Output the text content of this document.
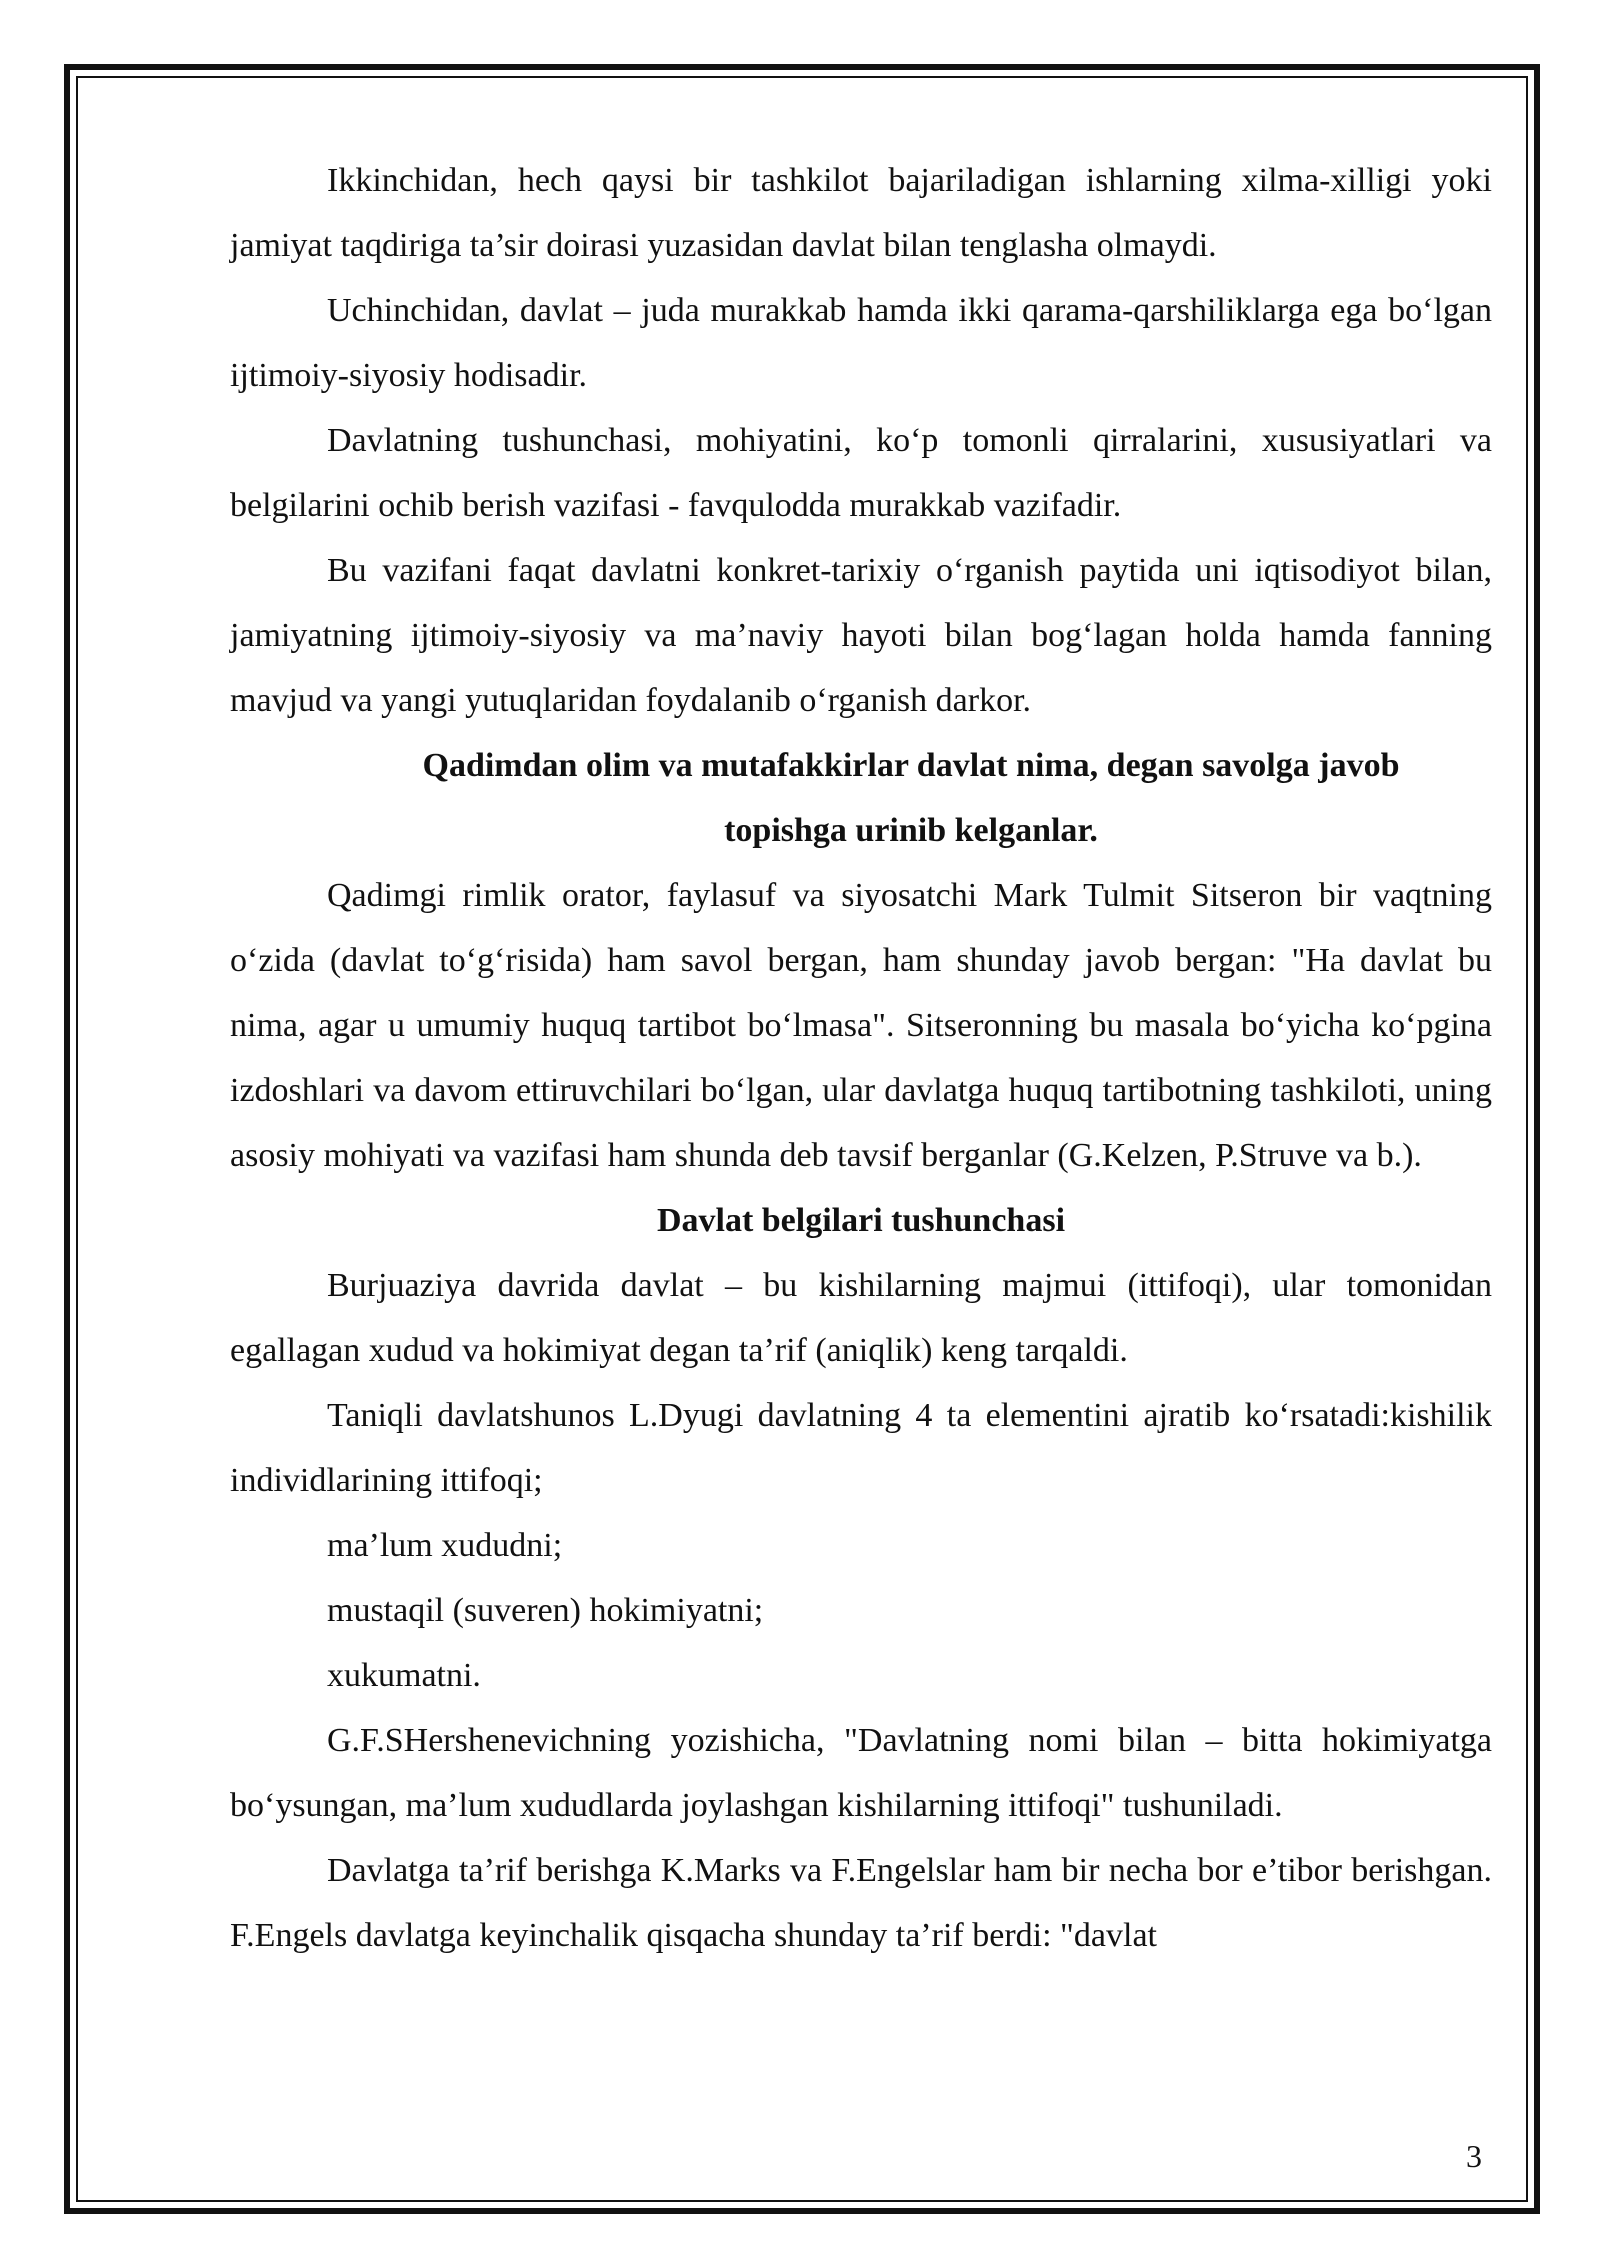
Ikkinchidan, hech qaysi bir tashkilot bajariladigan ishlarning xilma-xilligi yoki jamiyat taqdiriga ta’sir doirasi yuzasidan davlat bilan tenglasha olmaydi.

Uchinchidan, davlat – juda murakkab hamda ikki qarama-qarshiliklarga ega bo‘lgan ijtimoiy-siyosiy hodisadir.

Davlatning tushunchasi, mohiyatini, ko‘p tomonli qirralarini, xususiyatlari va belgilarini ochib berish vazifasi - favqulodda murakkab vazifadir.

Bu vazifani faqat davlatni konkret-tarixiy o‘rganish paytida uni iqtisodiyot bilan, jamiyatning ijtimoiy-siyosiy va ma’naviy hayoti bilan bog‘lagan holda hamda fanning mavjud va yangi yutuqlaridan foydalanib o‘rganish darkor.

Qadimdan olim va mutafakkirlar davlat nima, degan savolga javob topishga urinib kelganlar.

Qadimgi rimlik orator, faylasuf va siyosatchi Mark Tulmit Sitseron bir vaqtning o‘zida (davlat to‘g‘risida) ham savol bergan, ham shunday javob bergan: "Ha davlat bu nima, agar u umumiy huquq tartibot bo‘lmasa". Sitseronning bu masala bo‘yicha ko‘pgina izdoshlari va davom ettiruvchilari bo‘lgan, ular davlatga huquq tartibotning tashkiloti, uning asosiy mohiyati va vazifasi ham shunda deb tavsif berganlar (G.Kelzen, P.Struve va b.).

Davlat belgilari tushunchasi

Burjuaziya davrida davlat – bu kishilarning majmui (ittifoqi), ular tomonidan egallagan xudud va hokimiyat degan ta’rif (aniqlik) keng tarqaldi.

Taniqli davlatshunos L.Dyugi davlatning 4 ta elementini ajratib ko‘rsatadi:kishilik individlarining ittifoqi;

ma’lum xududni;

mustaqil (suveren) hokimiyatni;

xukumatni.

G.F.SHershenevichning yozishicha, "Davlatning nomi bilan – bitta hokimiyatga bo‘ysungan, ma’lum xududlarda joylashgan kishilarning ittifoqi" tushuniladi.

Davlatga ta’rif berishga K.Marks va F.Engelslar ham bir necha bor e’tibor berishgan. F.Engels davlatga keyinchalik qisqacha shunday ta’rif berdi: "davlat

3
